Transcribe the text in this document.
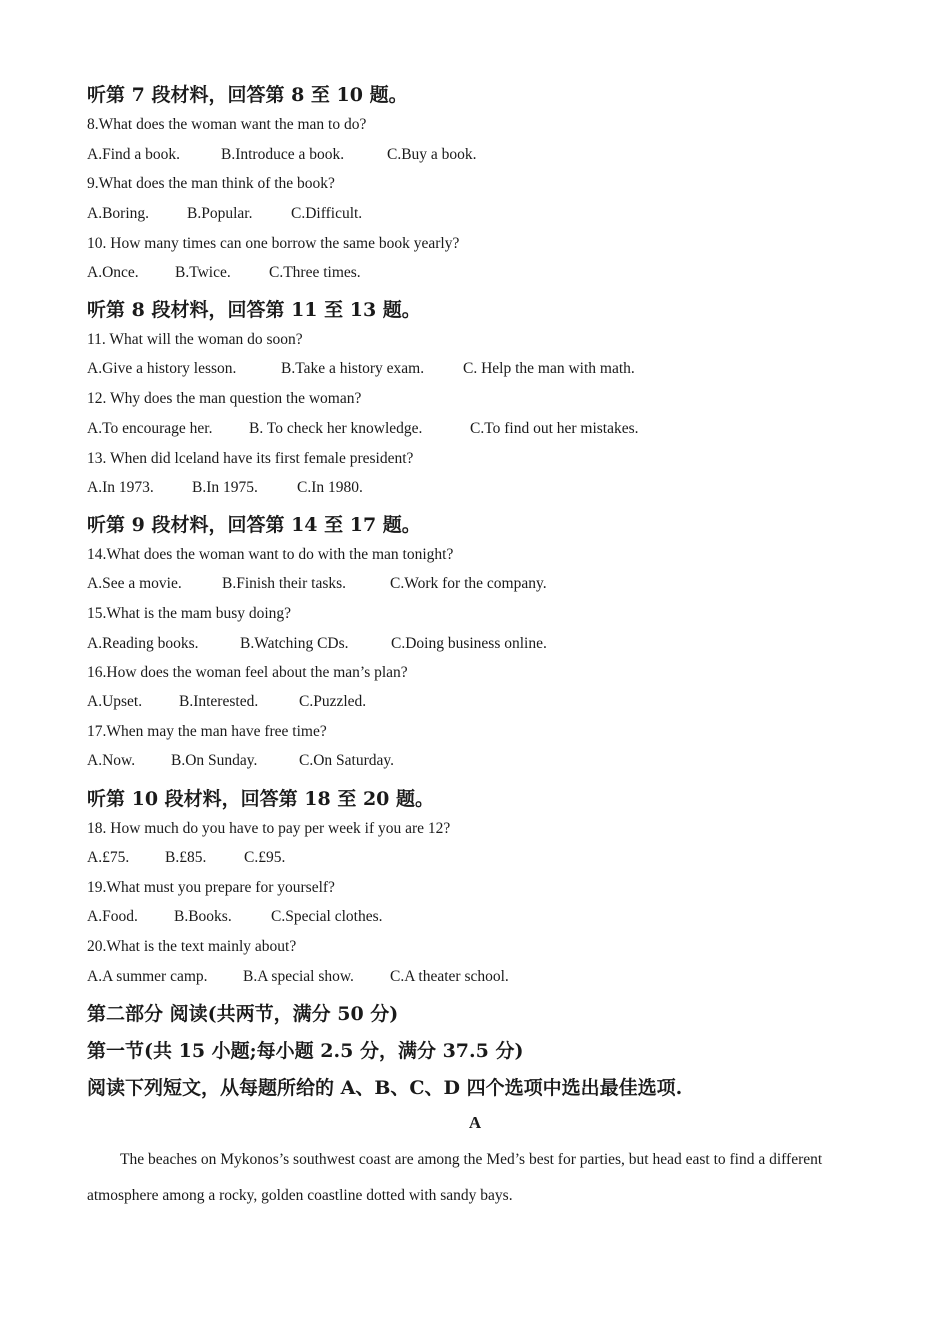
听第 7 段材料，回答第 8 至 10 题。
8.What does the woman want the man to do?
A.Find a book.	B.Introduce a book.	C.Buy a book.
9.What does the man think of the book?
A.Boring.	B.Popular.	C.Difficult.
10. How many times can one borrow the same book yearly?
A.Once.	B.Twice.	C.Three times.
听第 8 段材料，回答第 11 至 13 题。
11. What will the woman do soon?
A.Give a history lesson.	B.Take a history exam.	C. Help the man with math.
12. Why does the man question the woman?
A.To encourage her.	B. To check her knowledge.	C.To find out her mistakes.
13. When did lceland have its first female president?
A.In 1973.	B.In 1975.	C.In 1980.
听第 9 段材料，回答第 14 至 17 题。
14.What does the woman want to do with the man tonight?
A.See a movie.	B.Finish their tasks.	C.Work for the company.
15.What is the mam busy doing?
A.Reading books.	B.Watching CDs.	C.Doing business online.
16.How does the woman feel about the man’s plan?
A.Upset.	B.Interested.	C.Puzzled.
17.When may the man have free time?
A.Now.	B.On Sunday.	C.On Saturday.
听第 10 段材料，回答第 18 至 20 题。
18. How much do you have to pay per week if you are 12?
A.£75.	B.£85.	C.£95.
19.What must you prepare for yourself?
A.Food.	B.Books.	C.Special clothes.
20.What is the text mainly about?
A.A summer camp.	B.A special show.	C.A theater school.
第二部分 阅读(共两节，满分 50 分)
第一节(共 15 小题;每小题 2.5 分，满分 37.5 分)
阅读下列短文，从每题所给的 A、B、C、D 四个选项中选出最佳选项.
A
The beaches on Mykonos’s southwest coast are among the Med’s best for parties, but head east to find a different atmosphere among a rocky, golden coastline dotted with sandy bays.
